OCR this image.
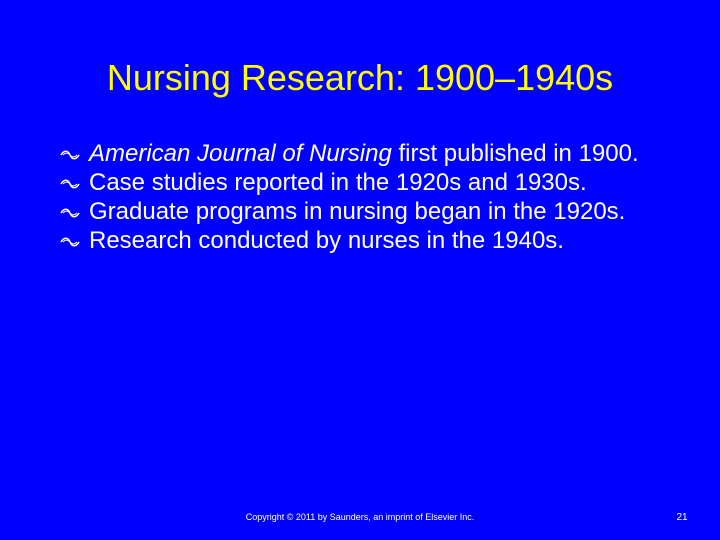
Nursing Research: 1900–1940s
American Journal of Nursing first published in 1900.
Case studies reported in the 1920s and 1930s.
Graduate programs in nursing began in the 1920s.
Research conducted by nurses in the 1940s.
Copyright © 2011 by Saunders, an imprint of Elsevier Inc.	21
